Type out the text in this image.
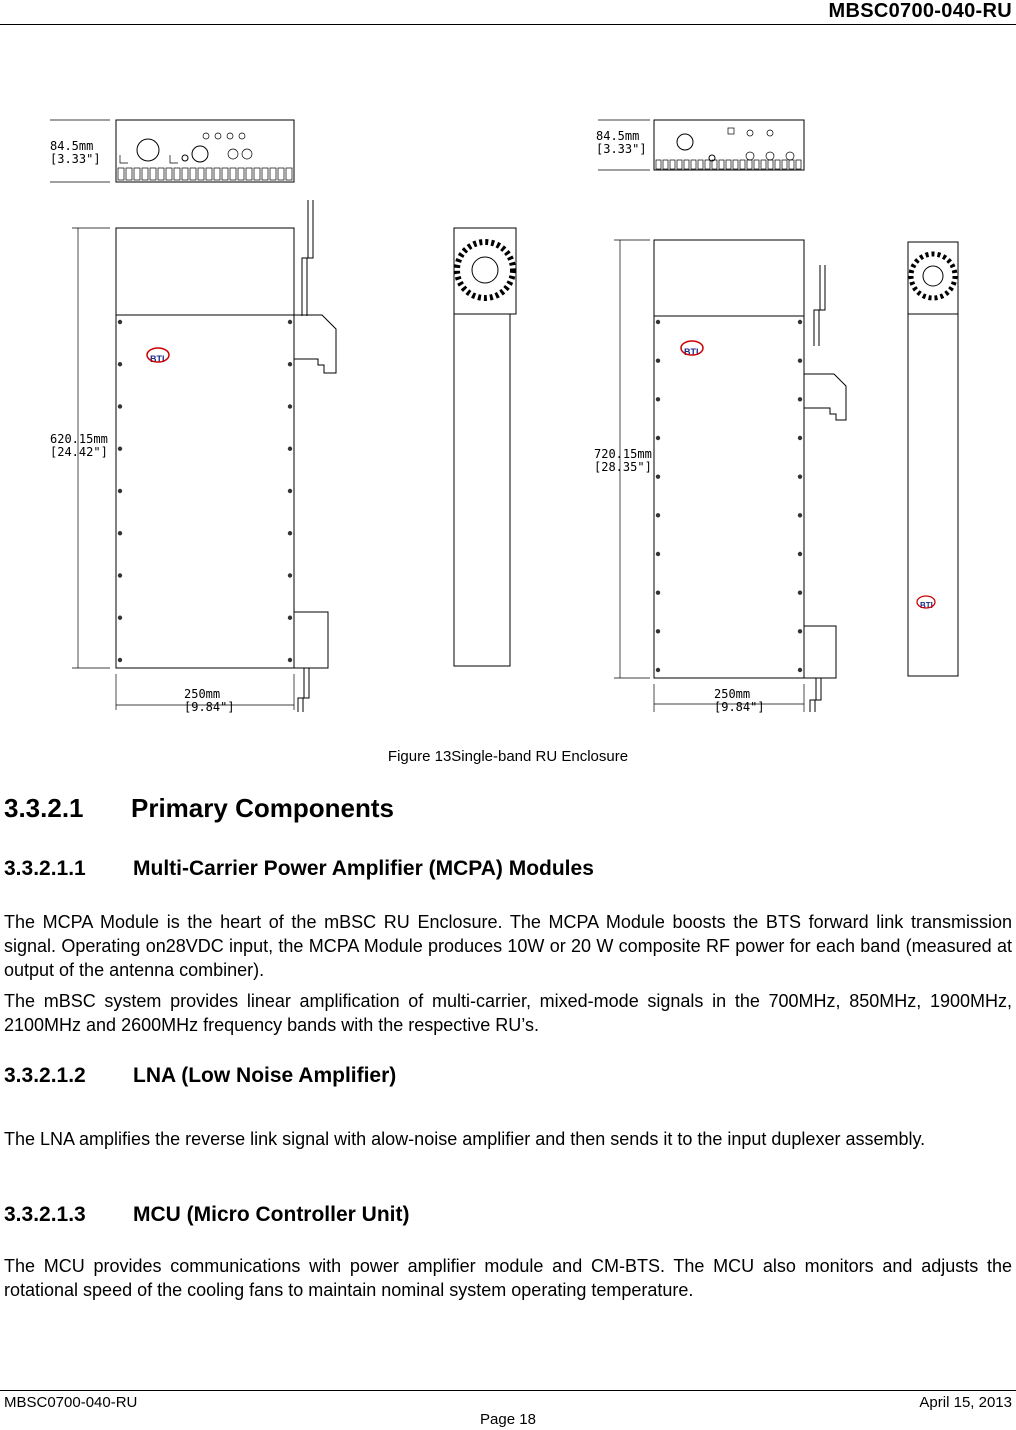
MBSC0700-040-RU
84.5mm
[3.33"]
BTI
620.15mm
[24.42"]
250mm
[9.84"]
84.5mm
[3.33"]
BTI
720.15mm
[28.35"]
250mm
[9.84"]
BTI
Figure 13Single-band RU Enclosure
3.3.2.1 Primary Components
3.3.2.1.1 Multi-Carrier Power Amplifier (MCPA) Modules
The MCPA Module is the heart of the mBSC RU Enclosure. The MCPA Module boosts the BTS forward link transmission signal. Operating on28VDC input, the MCPA Module produces 10W or 20 W composite RF power for each band (measured at output of the antenna combiner).
The mBSC system provides linear amplification of multi-carrier, mixed-mode signals in the 700MHz, 850MHz, 1900MHz, 2100MHz and 2600MHz frequency bands with the respective RU’s.
3.3.2.1.2 LNA (Low Noise Amplifier)
The LNA amplifies the reverse link signal with alow-noise amplifier and then sends it to the input duplexer assembly.
3.3.2.1.3 MCU (Micro Controller Unit)
The MCU provides communications with power amplifier module and CM-BTS. The MCU also monitors and adjusts the rotational speed of the cooling fans to maintain nominal system operating temperature.
MBSC0700-040-RU	April 15, 2013
Page 18
